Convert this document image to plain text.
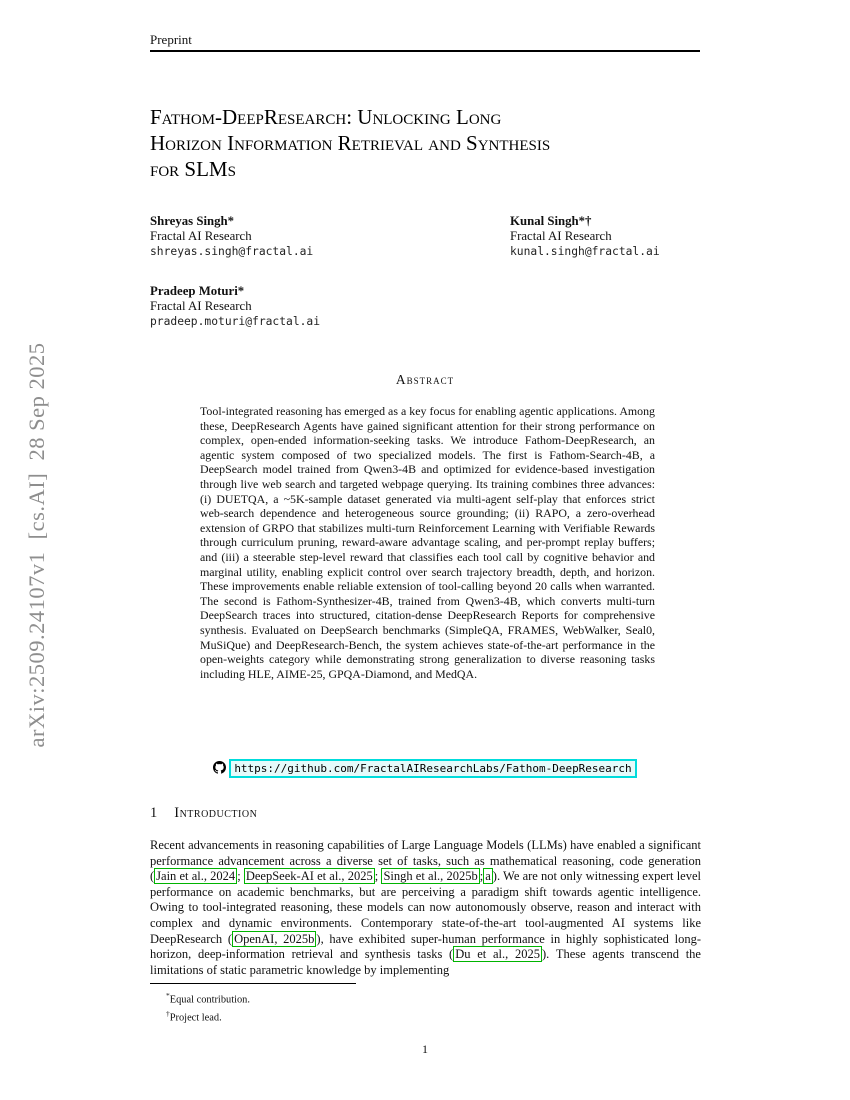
Preprint
arXiv:2509.24107v1  [cs.AI]  28 Sep 2025
Fathom-DeepResearch: Unlocking Long
Horizon Information Retrieval and Synthesis
for SLMs
Shreyas Singh*
Fractal AI Research
shreyas.singh@fractal.ai
Kunal Singh*†
Fractal AI Research
kunal.singh@fractal.ai
Pradeep Moturi*
Fractal AI Research
pradeep.moturi@fractal.ai
Abstract
Tool-integrated reasoning has emerged as a key focus for enabling agentic applications. Among these, DeepResearch Agents have gained significant attention for their strong performance on complex, open-ended information-seeking tasks. We introduce Fathom-DeepResearch, an agentic system composed of two specialized models. The first is Fathom-Search-4B, a DeepSearch model trained from Qwen3-4B and optimized for evidence-based investigation through live web search and targeted webpage querying. Its training combines three advances: (i) DUETQA, a ~5K-sample dataset generated via multi-agent self-play that enforces strict web-search dependence and heterogeneous source grounding; (ii) RAPO, a zero-overhead extension of GRPO that stabilizes multi-turn Reinforcement Learning with Verifiable Rewards through curriculum pruning, reward-aware advantage scaling, and per-prompt replay buffers; and (iii) a steerable step-level reward that classifies each tool call by cognitive behavior and marginal utility, enabling explicit control over search trajectory breadth, depth, and horizon. These improvements enable reliable extension of tool-calling beyond 20 calls when warranted. The second is Fathom-Synthesizer-4B, trained from Qwen3-4B, which converts multi-turn DeepSearch traces into structured, citation-dense DeepResearch Reports for comprehensive synthesis. Evaluated on DeepSearch benchmarks (SimpleQA, FRAMES, WebWalker, Seal0, MuSiQue) and DeepResearch-Bench, the system achieves state-of-the-art performance in the open-weights category while demonstrating strong generalization to diverse reasoning tasks including HLE, AIME-25, GPQA-Diamond, and MedQA.
https://github.com/FractalAIResearchLabs/Fathom-DeepResearch
1 Introduction
Recent advancements in reasoning capabilities of Large Language Models (LLMs) have enabled a significant performance advancement across a diverse set of tasks, such as mathematical reasoning, code generation ( Jain et al., 2024 ; DeepSeek-AI et al., 2025 ; Singh et al., 2025b ; a ). We are not only witnessing expert level performance on academic benchmarks, but are perceiving a paradigm shift towards agentic intelligence. Owing to tool-integrated reasoning, these models can now autonomously observe, reason and interact with complex and dynamic environments. Contemporary state-of-the-art tool-augmented AI systems like DeepResearch ( OpenAI, 2025b ), have exhibited super-human performance in highly sophisticated long-horizon, deep-information retrieval and synthesis tasks ( Du et al., 2025 ). These agents transcend the limitations of static parametric knowledge by implementing
*Equal contribution.
†Project lead.
1
